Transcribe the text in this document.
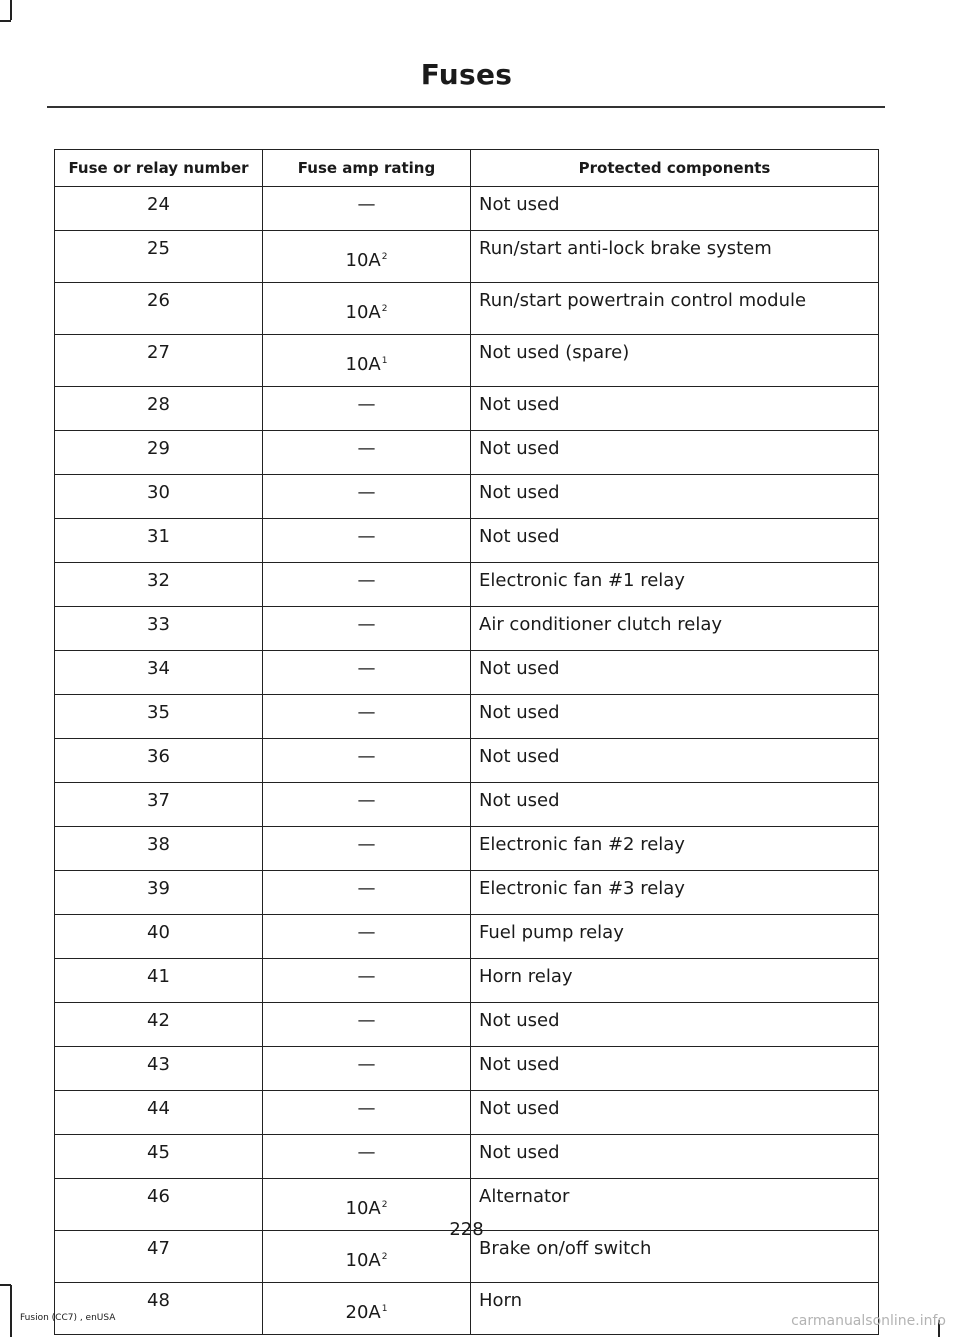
Fuses
Fuse or relay number	Fuse amp rating	Protected components
24	—	Not used
25	10A$^2$	Run/start anti-lock brake system
26	10A$^2$	Run/start powertrain control module
27	10A$^1$	Not used (spare)
28	—	Not used
29	—	Not used
30	—	Not used
31	—	Not used
32	—	Electronic fan #1 relay
33	—	Air conditioner clutch relay
34	—	Not used
35	—	Not used
36	—	Not used
37	—	Not used
38	—	Electronic fan #2 relay
39	—	Electronic fan #3 relay
40	—	Fuel pump relay
41	—	Horn relay
42	—	Not used
43	—	Not used
44	—	Not used
45	—	Not used
46	10A$^2$	Alternator
47	10A$^2$	Brake on/off switch
48	20A$^1$	Horn
228
Fusion (CC7) , enUSA	carmanualsonline.info
